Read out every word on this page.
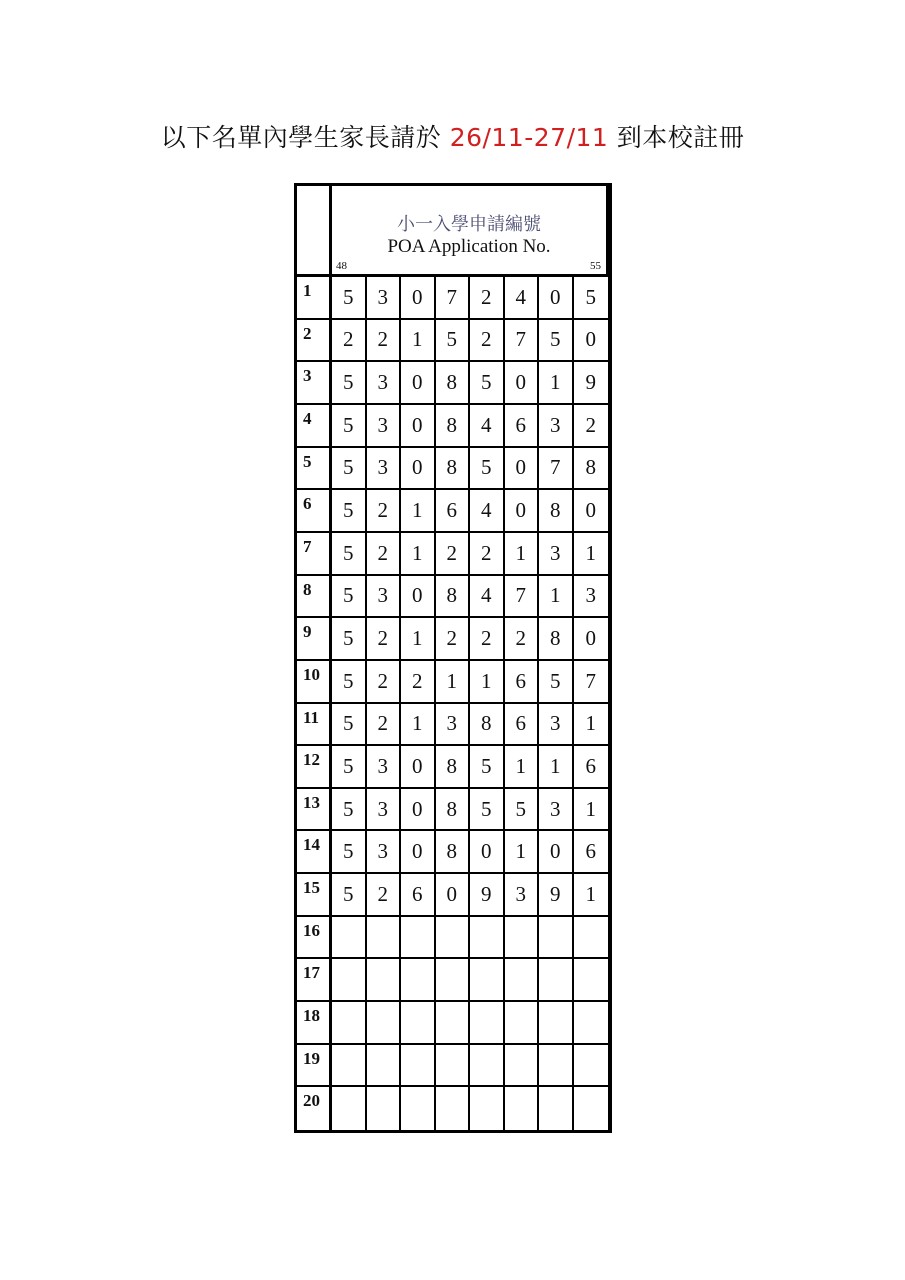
以下名單內學生家長請於 26/11-27/11 到本校註冊
小一入學申請編號
POA Application No.
48	55
1	5	3	0	7	2	4	0	5
2	2	2	1	5	2	7	5	0
3	5	3	0	8	5	0	1	9
4	5	3	0	8	4	6	3	2
5	5	3	0	8	5	0	7	8
6	5	2	1	6	4	0	8	0
7	5	2	1	2	2	1	3	1
8	5	3	0	8	4	7	1	3
9	5	2	1	2	2	2	8	0
10	5	2	2	1	1	6	5	7
11	5	2	1	3	8	6	3	1
12	5	3	0	8	5	1	1	6
13	5	3	0	8	5	5	3	1
14	5	3	0	8	0	1	0	6
15	5	2	6	0	9	3	9	1
16
17
18
19
20
